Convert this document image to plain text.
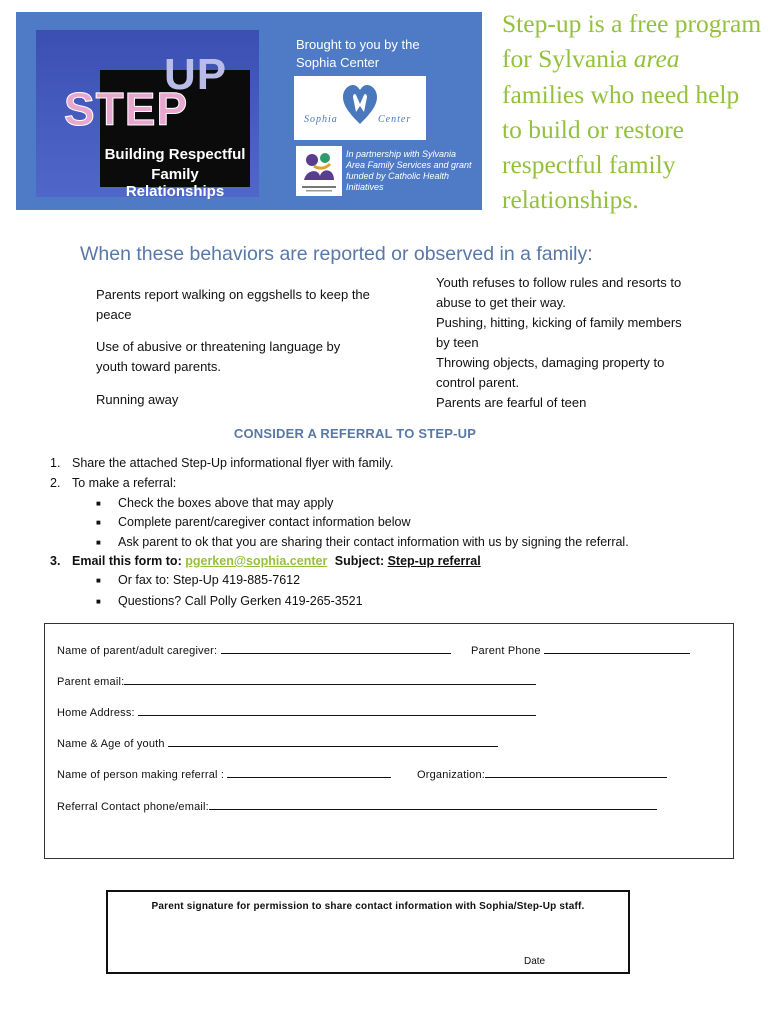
UP
STEP
Building Respectful
Family Relationships
Brought to you by the Sophia Center
Sophia	Center
In partnership with Sylvania Area Family Services and grant funded by Catholic Health Initiatives
Step-up is a free program for Sylvania area families who need help to build or restore respectful family relationships.
When these behaviors are reported or observed in a family:
Parents report walking on eggshells to keep the peace
Use of abusive or threatening language by youth toward parents.
Running away
Youth refuses to follow rules and resorts to abuse to get their way.
Pushing, hitting, kicking of family members by teen
Throwing objects, damaging property to control parent.
Parents are fearful of teen
CONSIDER A REFERRAL TO STEP-UP
1. Share the attached Step-Up informational flyer with family.
2. To make a referral:
■ Check the boxes above that may apply
■ Complete parent/caregiver contact information below
■ Ask parent to ok that you are sharing their contact information with us by signing the referral.
3. Email this form to: pgerken@sophia.center Subject: Step-up referral
■ Or fax to: Step-Up 419-885-7612
■ Questions? Call Polly Gerken 419-265-3521
Name of parent/adult caregiver:	Parent Phone
Parent email:
Home Address:
Name & Age of youth
Name of person making referral :	Organization:
Referral Contact phone/email:
Parent signature for permission to share contact information with Sophia/Step-Up staff.
Date
